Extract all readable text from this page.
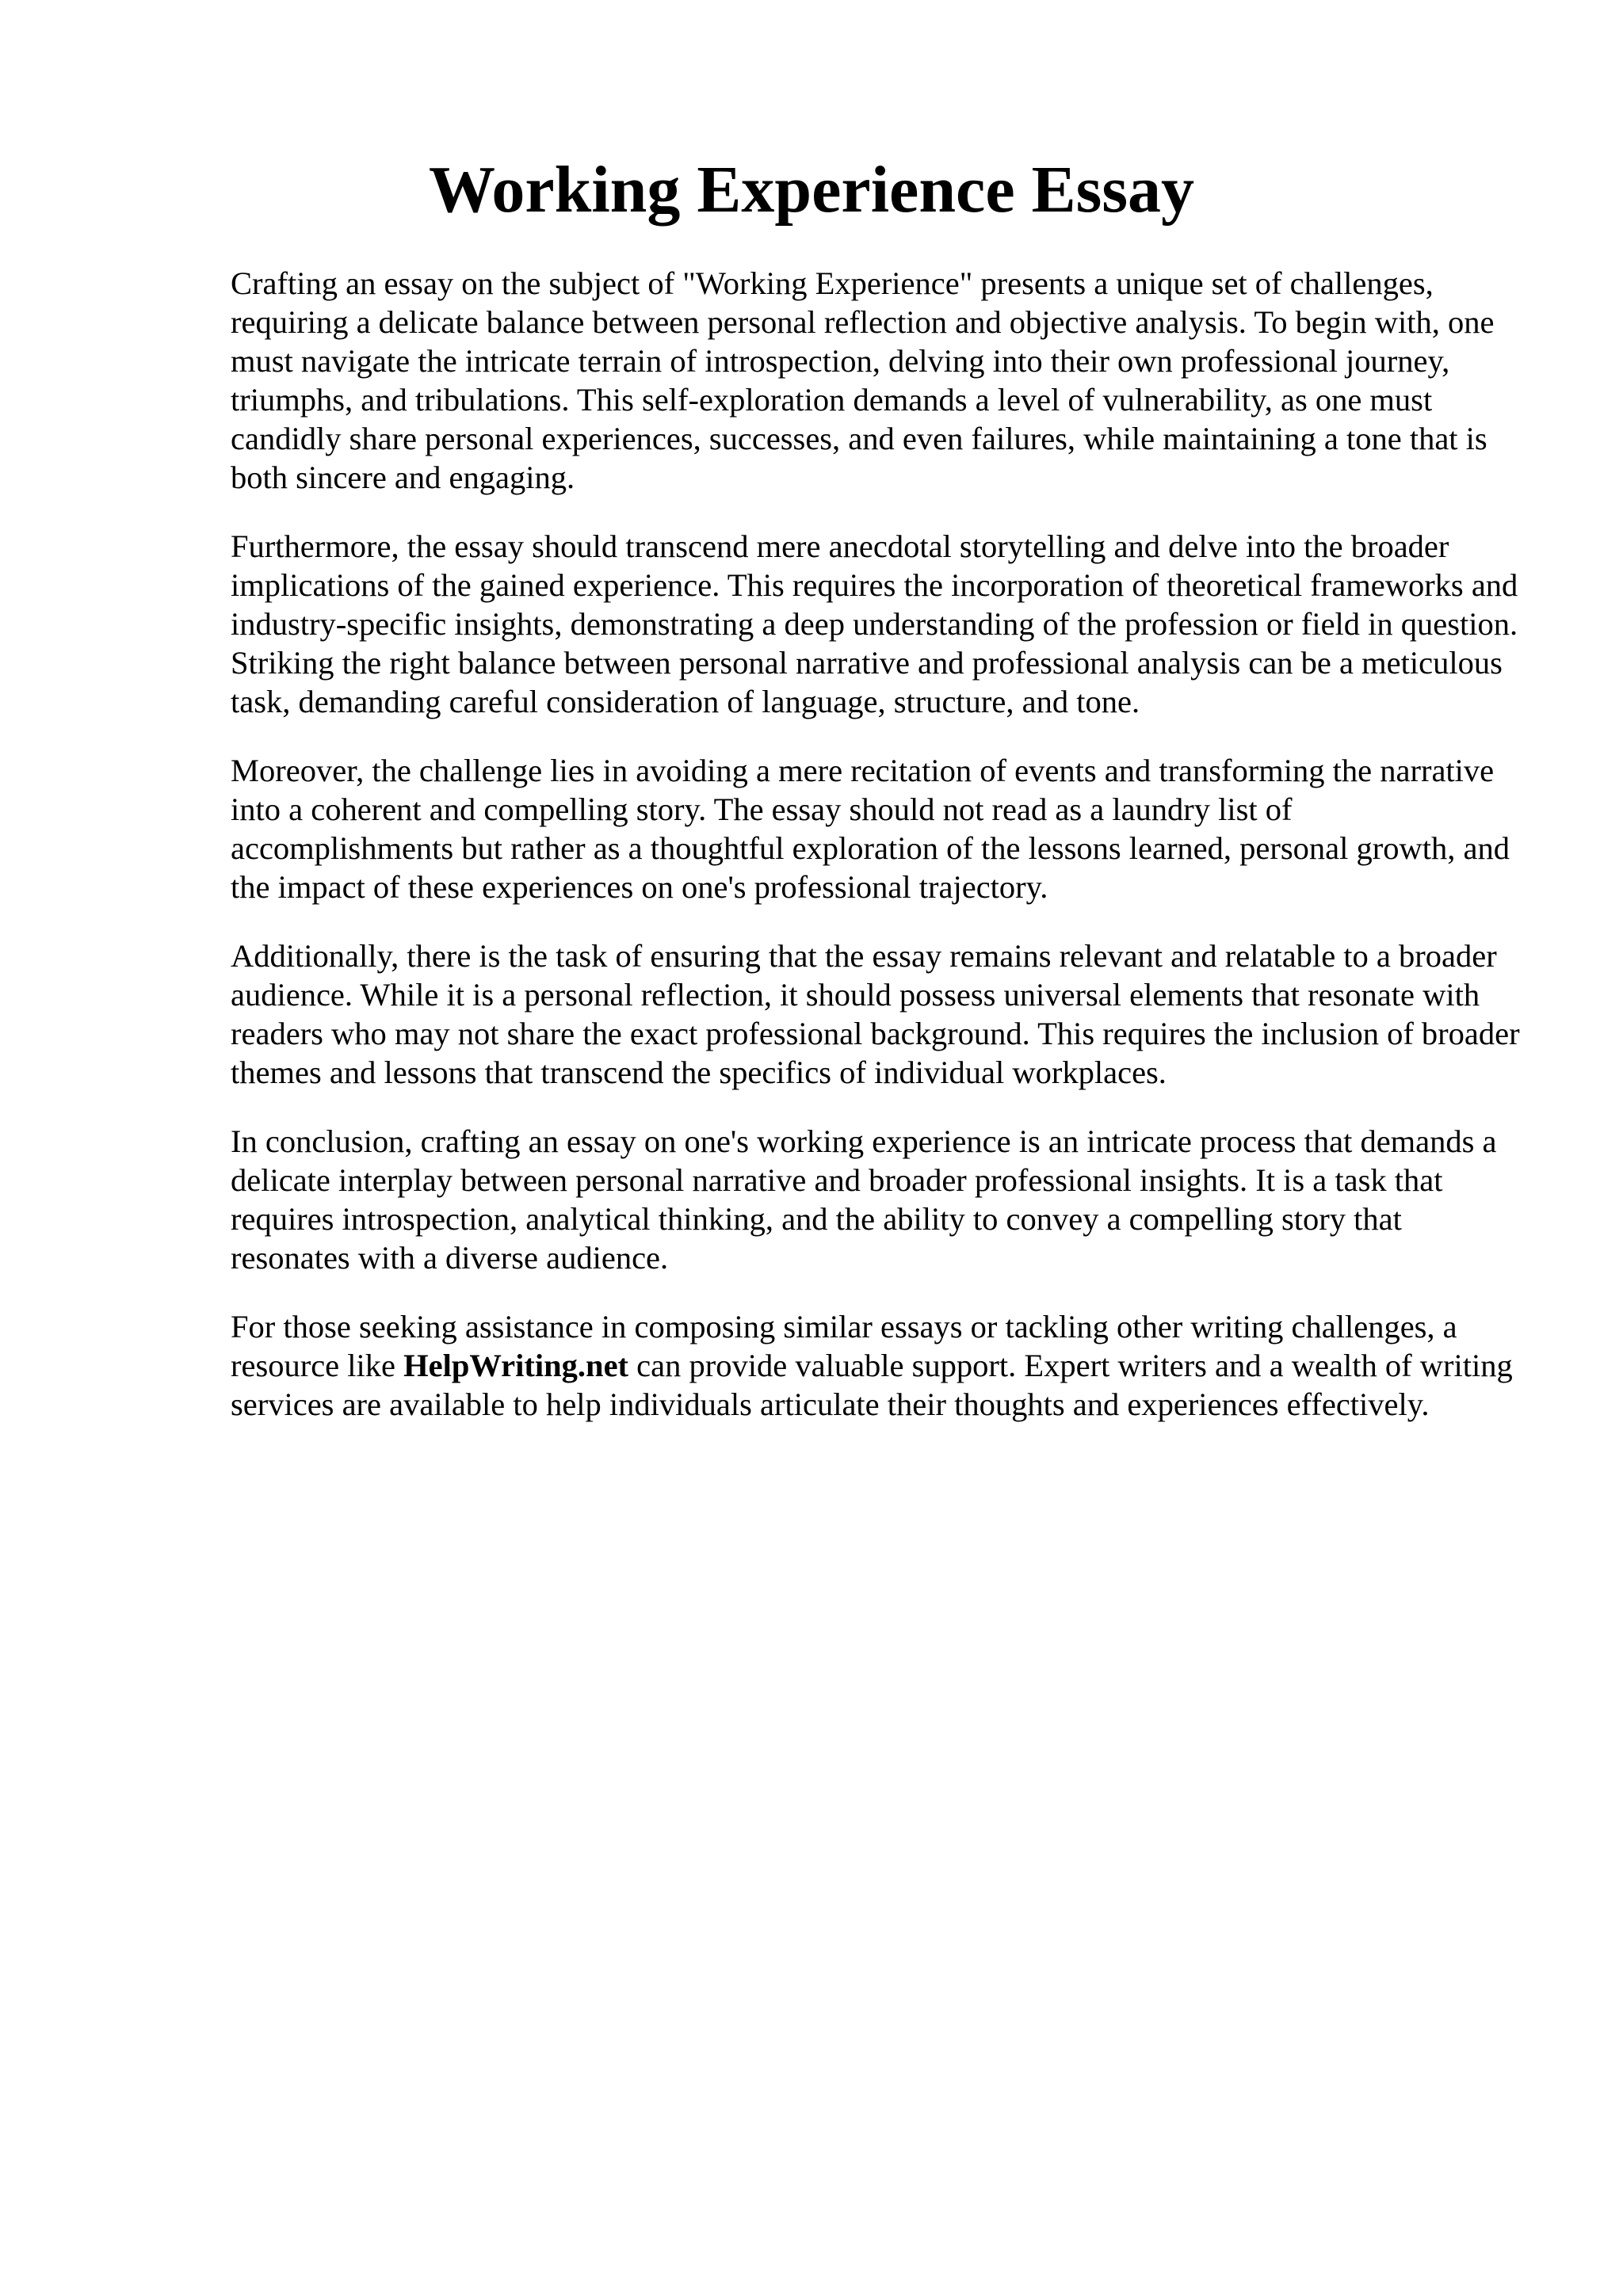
Working Experience Essay

Crafting an essay on the subject of "Working Experience" presents a unique set of challenges, requiring a delicate balance between personal reflection and objective analysis. To begin with, one must navigate the intricate terrain of introspection, delving into their own professional journey, triumphs, and tribulations. This self-exploration demands a level of vulnerability, as one must candidly share personal experiences, successes, and even failures, while maintaining a tone that is both sincere and engaging.

Furthermore, the essay should transcend mere anecdotal storytelling and delve into the broader implications of the gained experience. This requires the incorporation of theoretical frameworks and industry-specific insights, demonstrating a deep understanding of the profession or field in question. Striking the right balance between personal narrative and professional analysis can be a meticulous task, demanding careful consideration of language, structure, and tone.

Moreover, the challenge lies in avoiding a mere recitation of events and transforming the narrative into a coherent and compelling story. The essay should not read as a laundry list of accomplishments but rather as a thoughtful exploration of the lessons learned, personal growth, and the impact of these experiences on one's professional trajectory.

Additionally, there is the task of ensuring that the essay remains relevant and relatable to a broader audience. While it is a personal reflection, it should possess universal elements that resonate with readers who may not share the exact professional background. This requires the inclusion of broader themes and lessons that transcend the specifics of individual workplaces.

In conclusion, crafting an essay on one's working experience is an intricate process that demands a delicate interplay between personal narrative and broader professional insights. It is a task that requires introspection, analytical thinking, and the ability to convey a compelling story that resonates with a diverse audience.

For those seeking assistance in composing similar essays or tackling other writing challenges, a resource like HelpWriting.net can provide valuable support. Expert writers and a wealth of writing services are available to help individuals articulate their thoughts and experiences effectively.
